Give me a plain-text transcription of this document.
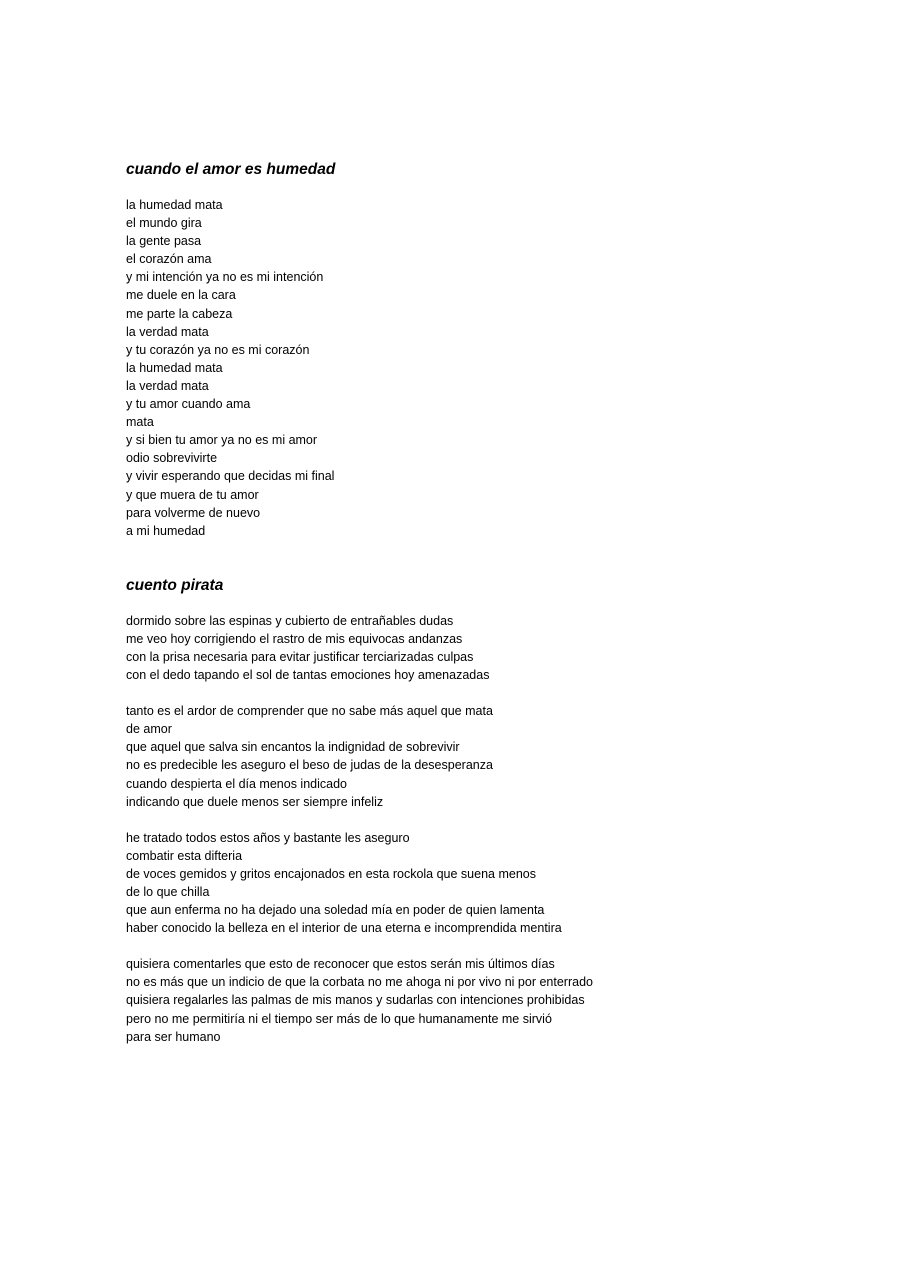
cuando el amor es humedad
la humedad mata
el mundo gira
la gente pasa
el corazón ama
y mi intención ya no es mi intención
me duele en la cara
me parte la cabeza
la verdad mata
y tu corazón ya no es mi corazón
la humedad mata
la verdad mata
y tu amor cuando ama
mata
y si bien tu amor ya no es mi amor
odio sobrevivirte
y vivir esperando que decidas mi final
y que muera de tu amor
para volverme de nuevo
a mi humedad
cuento pirata
dormido sobre las espinas y cubierto de entrañables dudas
me veo hoy corrigiendo el rastro de mis equivocas andanzas
con la prisa necesaria para evitar justificar terciarizadas culpas
con el dedo tapando el sol de tantas emociones hoy amenazadas
tanto es el ardor de comprender que no sabe más aquel que mata
de amor
que aquel que salva sin encantos la indignidad de sobrevivir
no es predecible les aseguro el beso de judas de la desesperanza
cuando despierta el día menos indicado
indicando que duele menos ser siempre infeliz
he tratado todos estos años y bastante les aseguro
combatir esta difteria
de voces gemidos y gritos encajonados en esta rockola que suena menos
de lo que chilla
que aun enferma no ha dejado una soledad mía en poder de quien lamenta
haber conocido la belleza en el interior de una eterna e incomprendida mentira
quisiera comentarles que esto de reconocer que estos serán mis últimos días
no es más que un indicio de que la corbata no me ahoga ni por vivo ni por enterrado
quisiera regalarles las palmas de mis manos y sudarlas con intenciones prohibidas
pero no me permitiría ni el tiempo ser más de lo que humanamente me sirvió
para ser humano
